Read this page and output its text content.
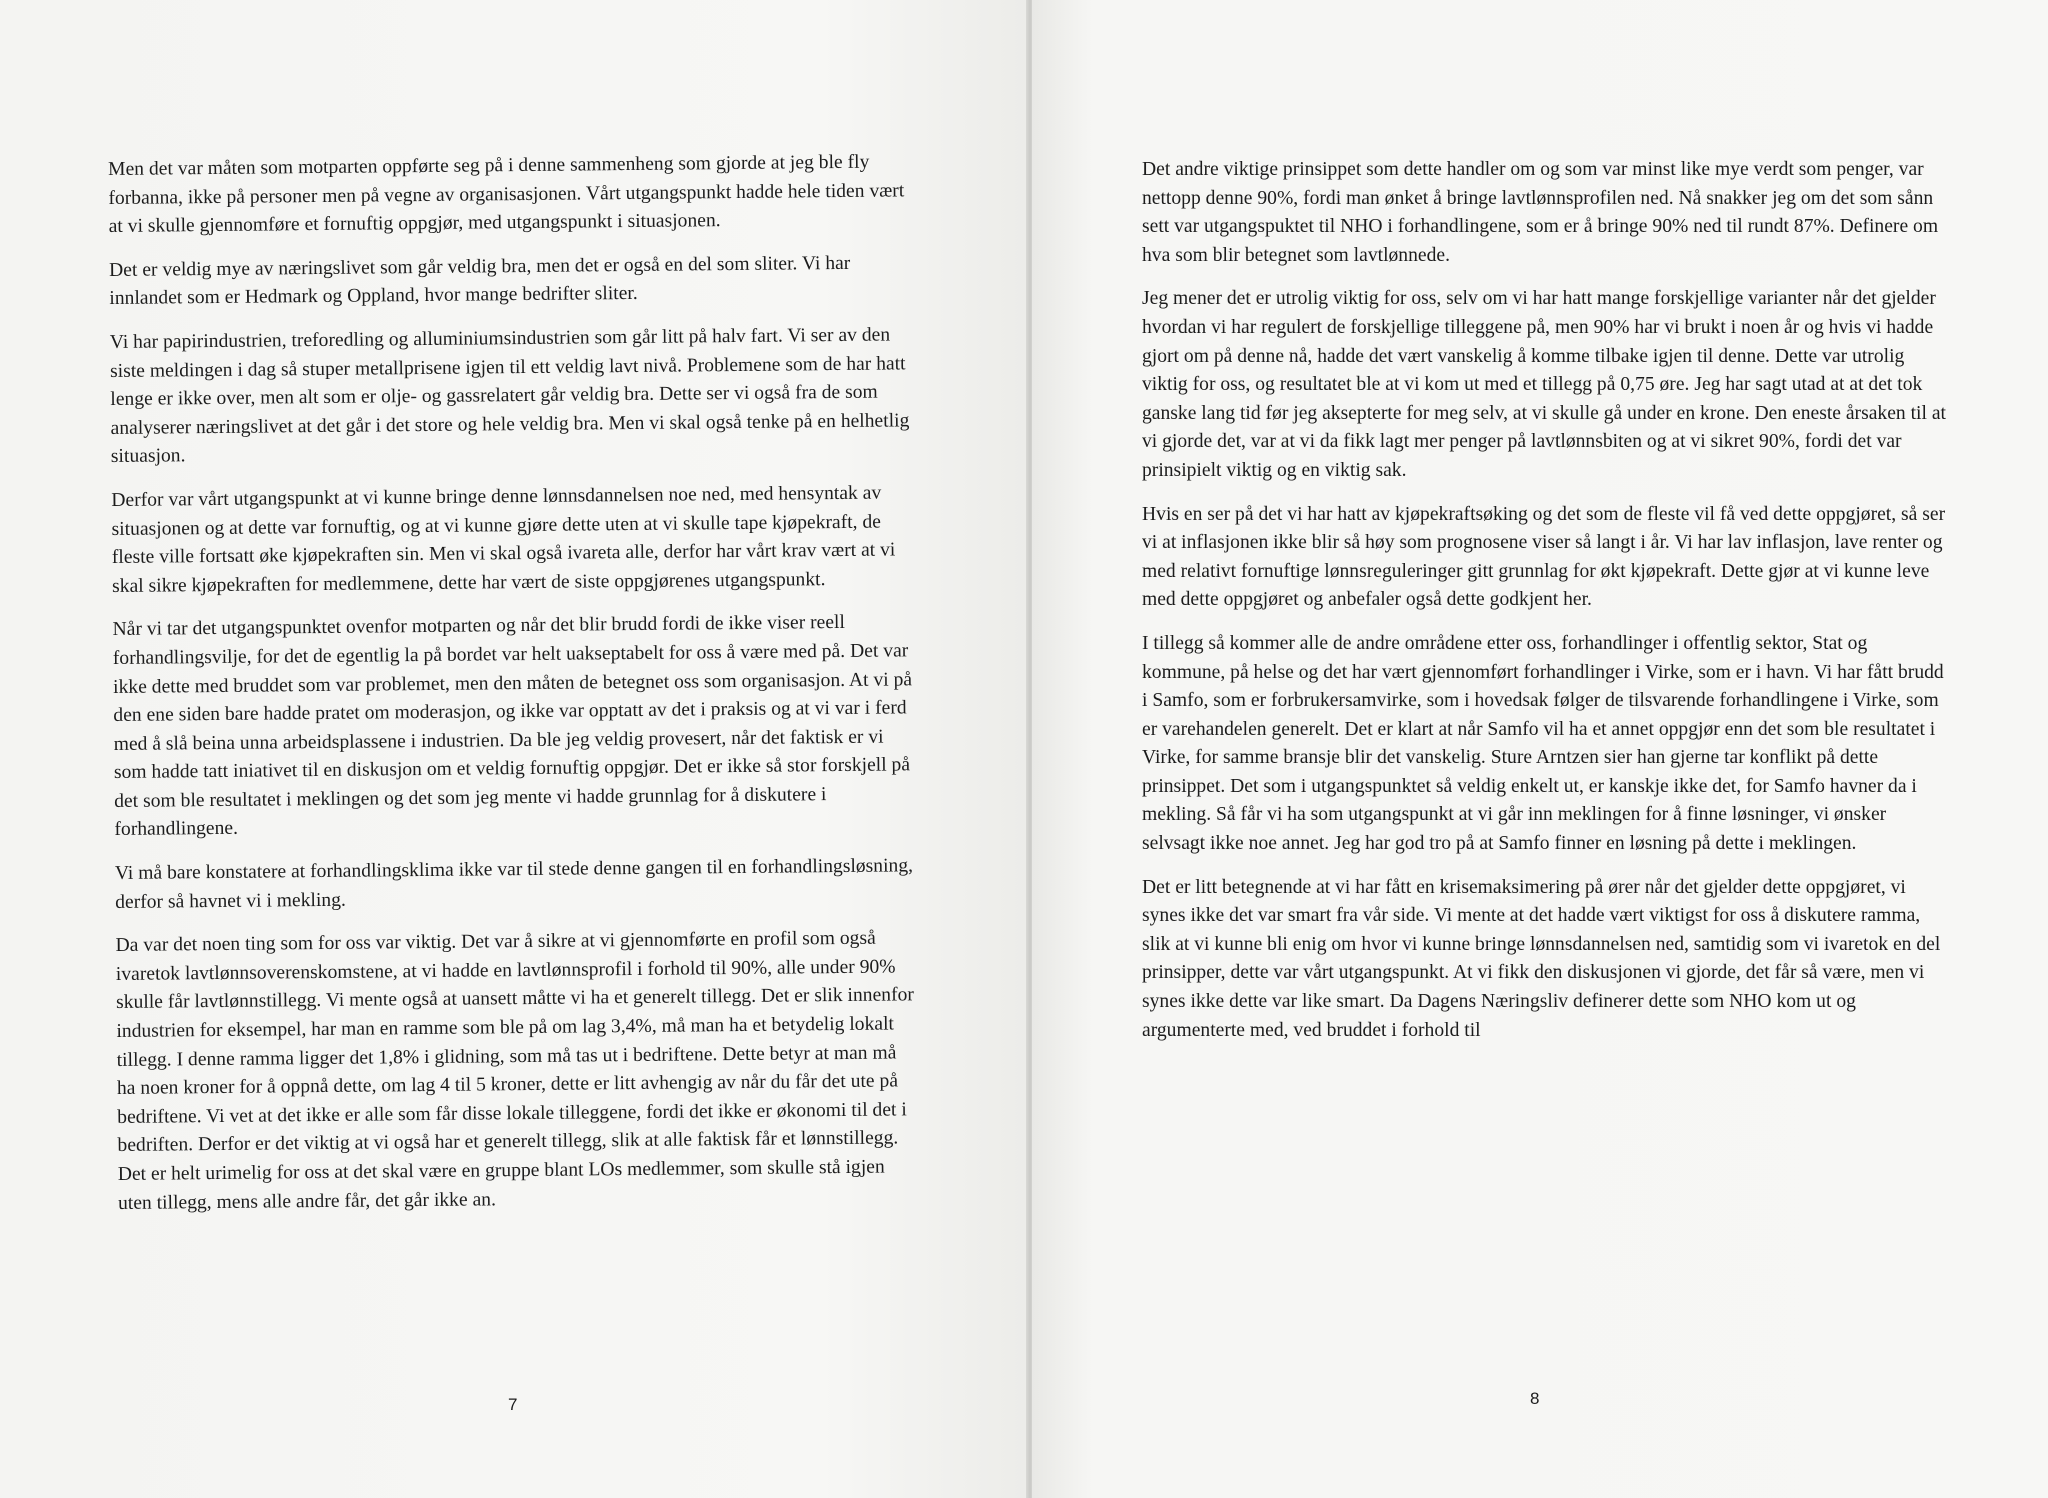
Men det var måten som motparten oppførte seg på i denne sammenheng som gjorde at jeg ble fly forbanna, ikke på personer men på vegne av organisasjonen. Vårt utgangspunkt hadde hele tiden vært at vi skulle gjennomføre et fornuftig oppgjør, med utgangspunkt i situasjonen.

Det er veldig mye av næringslivet som går veldig bra, men det er også en del som sliter. Vi har innlandet som er Hedmark og Oppland, hvor mange bedrifter sliter.

Vi har papirindustrien, treforedling og alluminiumsindustrien som går litt på halv fart. Vi ser av den siste meldingen i dag så stuper metallprisene igjen til ett veldig lavt nivå. Problemene som de har hatt lenge er ikke over, men alt som er olje- og gassrelatert går veldig bra. Dette ser vi også fra de som analyserer næringslivet at det går i det store og hele veldig bra. Men vi skal også tenke på en helhetlig situasjon.

Derfor var vårt utgangspunkt at vi kunne bringe denne lønnsdannelsen noe ned, med hensyntak av situasjonen og at dette var fornuftig, og at vi kunne gjøre dette uten at vi skulle tape kjøpekraft, de fleste ville fortsatt øke kjøpekraften sin. Men vi skal også ivareta alle, derfor har vårt krav vært at vi skal sikre kjøpekraften for medlemmene, dette har vært de siste oppgjørenes utgangspunkt.

Når vi tar det utgangspunktet ovenfor motparten og når det blir brudd fordi de ikke viser reell forhandlingsvilje, for det de egentlig la på bordet var helt uakseptabelt for oss å være med på. Det var ikke dette med bruddet som var problemet, men den måten de betegnet oss som organisasjon. At vi på den ene siden bare hadde pratet om moderasjon, og ikke var opptatt av det i praksis og at vi var i ferd med å slå beina unna arbeidsplassene i industrien. Da ble jeg veldig provesert, når det faktisk er vi som hadde tatt iniativet til en diskusjon om et veldig fornuftig oppgjør. Det er ikke så stor forskjell på det som ble resultatet i meklingen og det som jeg mente vi hadde grunnlag for å diskutere i forhandlingene.

Vi må bare konstatere at forhandlingsklima ikke var til stede denne gangen til en forhandlingsløsning, derfor så havnet vi i mekling.

Da var det noen ting som for oss var viktig. Det var å sikre at vi gjennomførte en profil som også ivaretok lavtlønnsoverenskomstene, at vi hadde en lavtlønnsprofil i forhold til 90%, alle under 90% skulle får lavtlønnstillegg. Vi mente også at uansett måtte vi ha et generelt tillegg. Det er slik innenfor industrien for eksempel, har man en ramme som ble på om lag 3,4%, må man ha et betydelig lokalt tillegg. I denne ramma ligger det 1,8% i glidning, som må tas ut i bedriftene. Dette betyr at man må ha noen kroner for å oppnå dette, om lag 4 til 5 kroner, dette er litt avhengig av når du får det ute på bedriftene. Vi vet at det ikke er alle som får disse lokale tilleggene, fordi det ikke er økonomi til det i bedriften. Derfor er det viktig at vi også har et generelt tillegg, slik at alle faktisk får et lønnstillegg. Det er helt urimelig for oss at det skal være en gruppe blant LOs medlemmer, som skulle stå igjen uten tillegg, mens alle andre får, det går ikke an.

7

Det andre viktige prinsippet som dette handler om og som var minst like mye verdt som penger, var nettopp denne 90%, fordi man ønket å bringe lavtlønnsprofilen ned. Nå snakker jeg om det som sånn sett var utgangspuktet til NHO i forhandlingene, som er å bringe 90% ned til rundt 87%. Definere om hva som blir betegnet som lavtlønnede.

Jeg mener det er utrolig viktig for oss, selv om vi har hatt mange forskjellige varianter når det gjelder hvordan vi har regulert de forskjellige tilleggene på, men 90% har vi brukt i noen år og hvis vi hadde gjort om på denne nå, hadde det vært vanskelig å komme tilbake igjen til denne. Dette var utrolig viktig for oss, og resultatet ble at vi kom ut med et tillegg på 0,75 øre. Jeg har sagt utad at at det tok ganske lang tid før jeg aksepterte for meg selv, at vi skulle gå under en krone. Den eneste årsaken til at vi gjorde det, var at vi da fikk lagt mer penger på lavtlønnsbiten og at vi sikret 90%, fordi det var prinsipielt viktig og en viktig sak.

Hvis en ser på det vi har hatt av kjøpekraftsøking og det som de fleste vil få ved dette oppgjøret, så ser vi at inflasjonen ikke blir så høy som prognosene viser så langt i år. Vi har lav inflasjon, lave renter og med relativt fornuftige lønnsreguleringer gitt grunnlag for økt kjøpekraft. Dette gjør at vi kunne leve med dette oppgjøret og anbefaler også dette godkjent her.

I tillegg så kommer alle de andre områdene etter oss, forhandlinger i offentlig sektor, Stat og kommune, på helse og det har vært gjennomført forhandlinger i Virke, som er i havn. Vi har fått brudd i Samfo, som er forbrukersamvirke, som i hovedsak følger de tilsvarende forhandlingene i Virke, som er varehandelen generelt. Det er klart at når Samfo vil ha et annet oppgjør enn det som ble resultatet i Virke, for samme bransje blir det vanskelig. Sture Arntzen sier han gjerne tar konflikt på dette prinsippet. Det som i utgangspunktet så veldig enkelt ut, er kanskje ikke det, for Samfo havner da i mekling. Så får vi ha som utgangspunkt at vi går inn meklingen for å finne løsninger, vi ønsker selvsagt ikke noe annet. Jeg har god tro på at Samfo finner en løsning på dette i meklingen.

Det er litt betegnende at vi har fått en krisemaksimering på ører når det gjelder dette oppgjøret, vi synes ikke det var smart fra vår side. Vi mente at det hadde vært viktigst for oss å diskutere ramma, slik at vi kunne bli enig om hvor vi kunne bringe lønnsdannelsen ned, samtidig som vi ivaretok en del prinsipper, dette var vårt utgangspunkt. At vi fikk den diskusjonen vi gjorde, det får så være, men vi synes ikke dette var like smart. Da Dagens Næringsliv definerer dette som NHO kom ut og argumenterte med, ved bruddet i forhold til

8
